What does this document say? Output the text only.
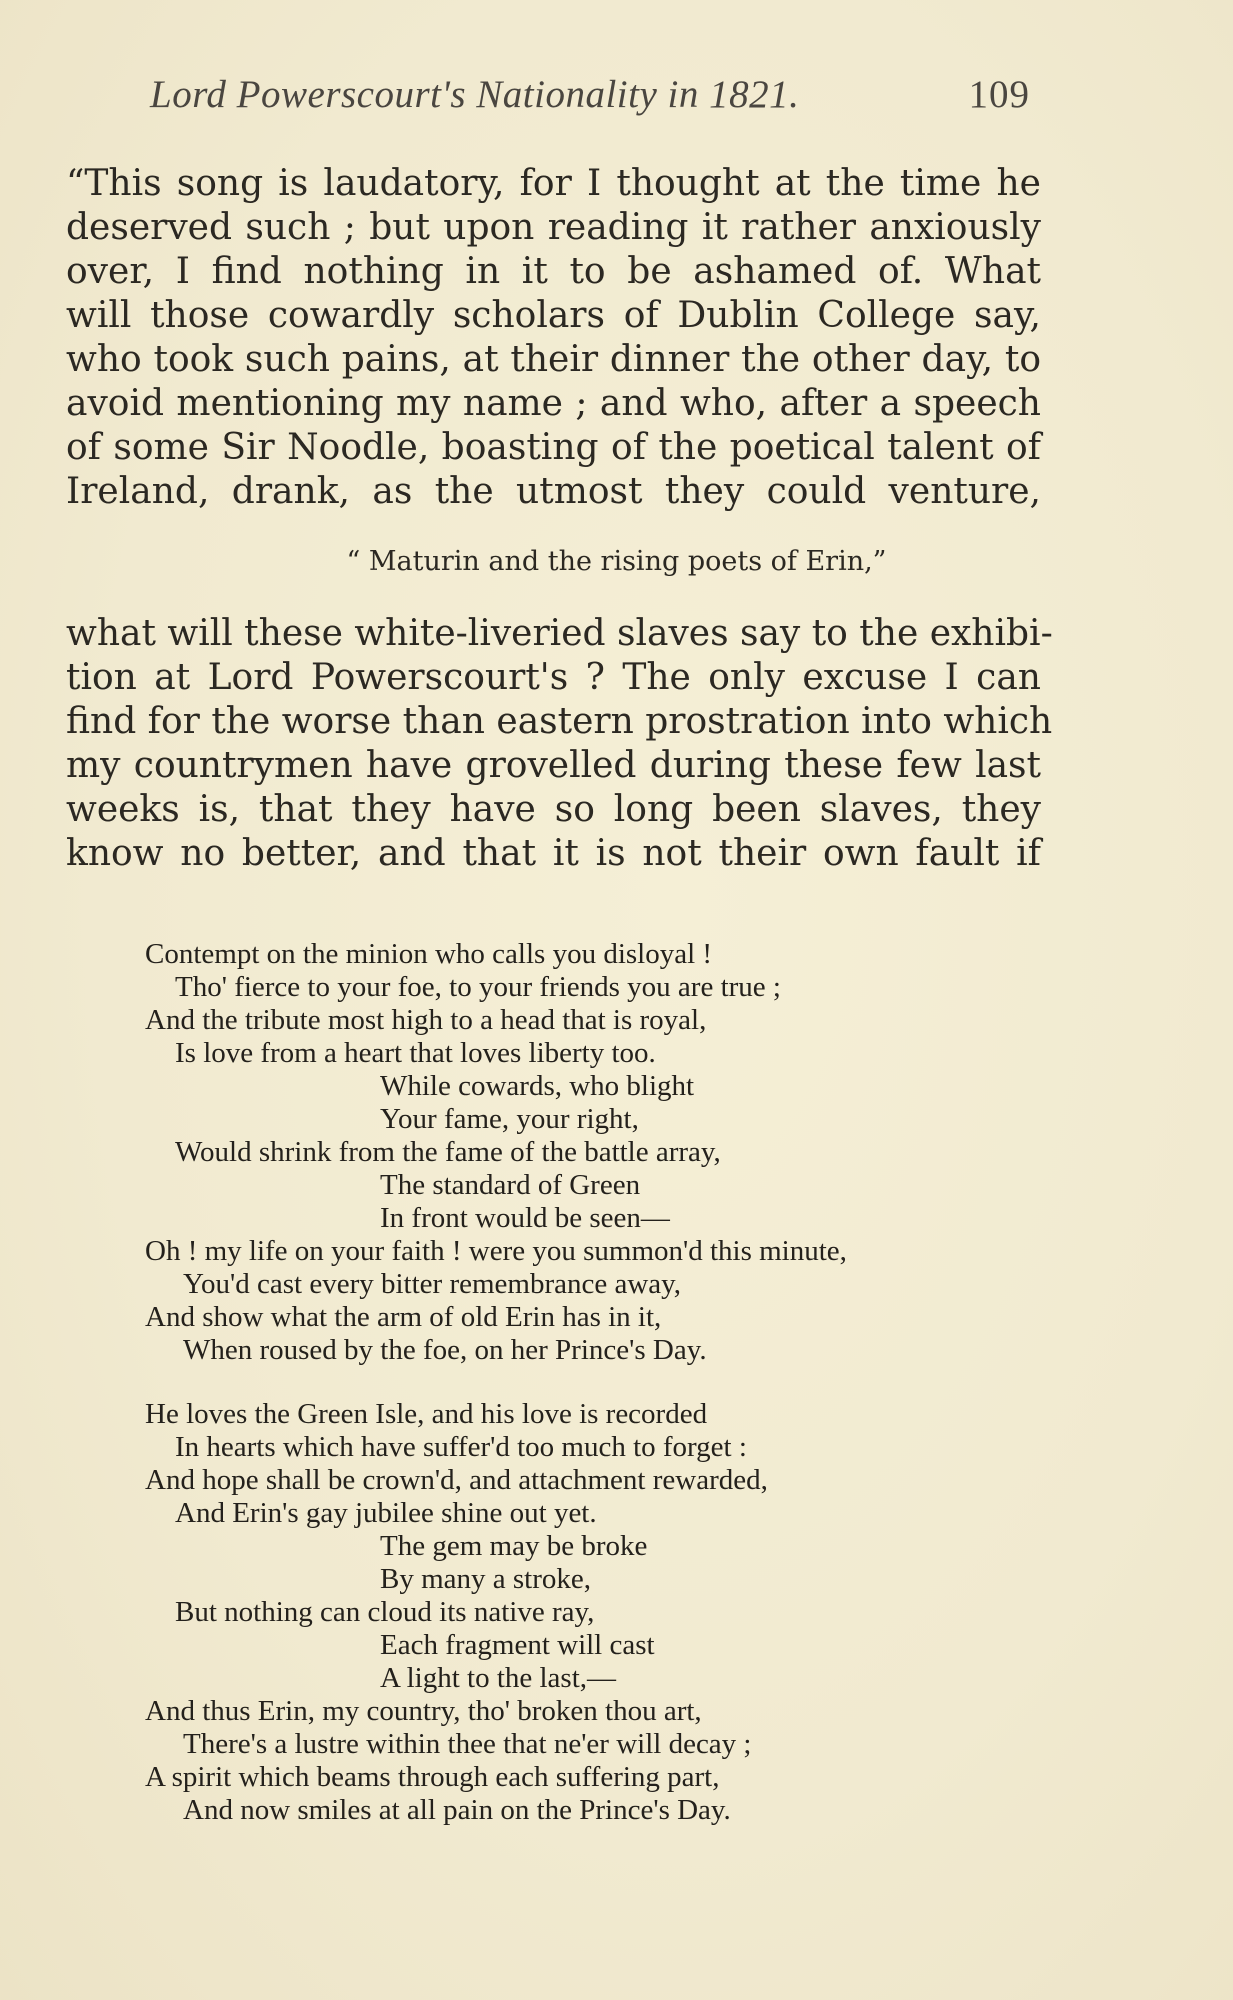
Lord Powerscourt's Nationality in 1821.	109
“This song is laudatory, for I thought at the time he
deserved such ; but upon reading it rather anxiously
over, I find nothing in it to be ashamed of. What
will those cowardly scholars of Dublin College say,
who took such pains, at their dinner the other day, to
avoid mentioning my name ; and who, after a speech
of some Sir Noodle, boasting of the poetical talent of
Ireland, drank, as the utmost they could venture,
“ Maturin and the rising poets of Erin,”
what will these white-liveried slaves say to the exhibi-
tion at Lord Powerscourt's ? The only excuse I can
find for the worse than eastern prostration into which
my countrymen have grovelled during these few last
weeks is, that they have so long been slaves, they
know no better, and that it is not their own fault if
Contempt on the minion who calls you disloyal !
Tho' fierce to your foe, to your friends you are true ;
And the tribute most high to a head that is royal,
Is love from a heart that loves liberty too.
While cowards, who blight
Your fame, your right,
Would shrink from the fame of the battle array,
The standard of Green
In front would be seen—
Oh ! my life on your faith ! were you summon'd this minute,
You'd cast every bitter remembrance away,
And show what the arm of old Erin has in it,
When roused by the foe, on her Prince's Day.
He loves the Green Isle, and his love is recorded
In hearts which have suffer'd too much to forget :
And hope shall be crown'd, and attachment rewarded,
And Erin's gay jubilee shine out yet.
The gem may be broke
By many a stroke,
But nothing can cloud its native ray,
Each fragment will cast
A light to the last,—
And thus Erin, my country, tho' broken thou art,
There's a lustre within thee that ne'er will decay ;
A spirit which beams through each suffering part,
And now smiles at all pain on the Prince's Day.
